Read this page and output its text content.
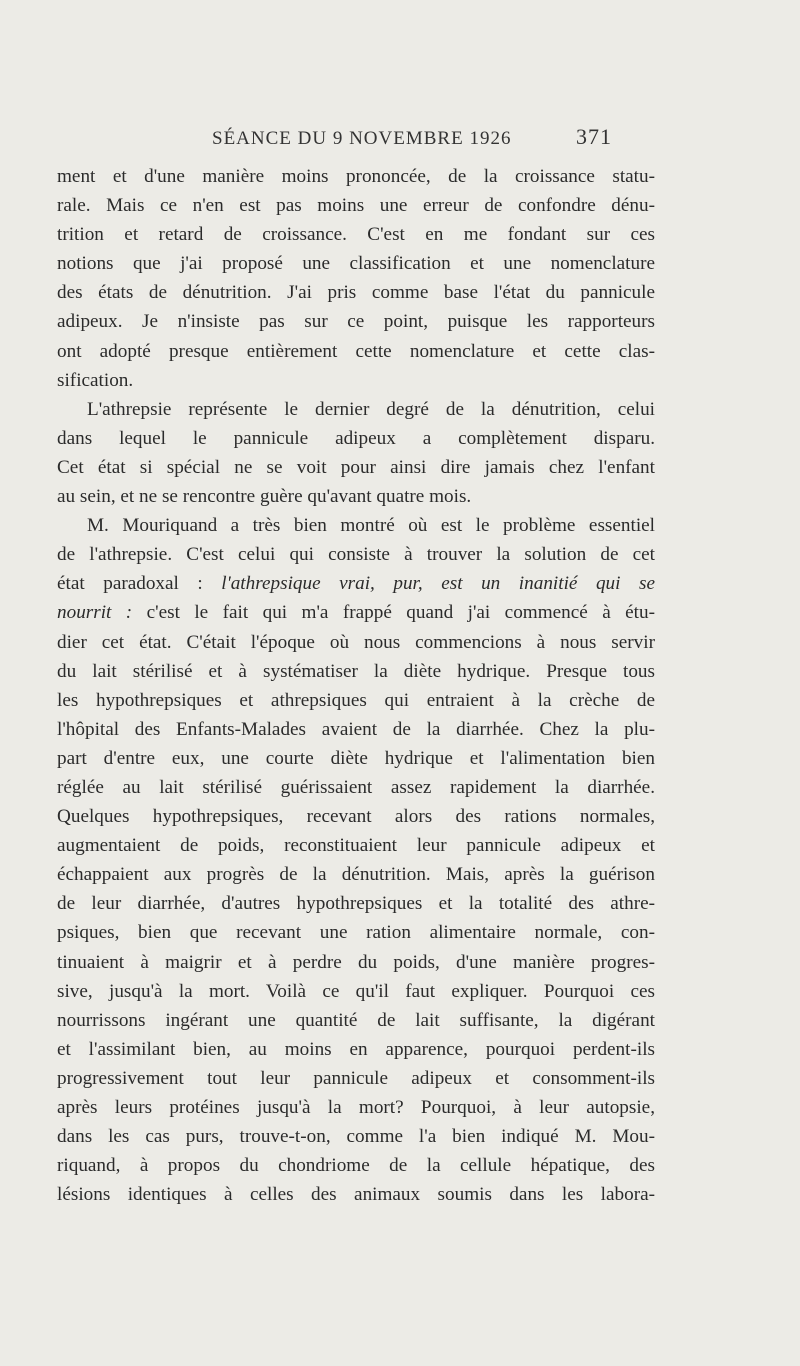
SÉANCE DU 9 NOVEMBRE 1926	371
ment et d'une manière moins prononcée, de la croissance statu-
rale. Mais ce n'en est pas moins une erreur de confondre dénu-
trition et retard de croissance. C'est en me fondant sur ces
notions que j'ai proposé une classification et une nomenclature
des états de dénutrition. J'ai pris comme base l'état du pannicule
adipeux. Je n'insiste pas sur ce point, puisque les rapporteurs
ont adopté presque entièrement cette nomenclature et cette clas-
sification.
L'athrepsie représente le dernier degré de la dénutrition, celui
dans lequel le pannicule adipeux a complètement disparu.
Cet état si spécial ne se voit pour ainsi dire jamais chez l'enfant
au sein, et ne se rencontre guère qu'avant quatre mois.
M. Mouriquand a très bien montré où est le problème essentiel
de l'athrepsie. C'est celui qui consiste à trouver la solution de cet
état paradoxal : l'athrepsique vrai, pur, est un inanitié qui se
nourrit : c'est le fait qui m'a frappé quand j'ai commencé à étu-
dier cet état. C'était l'époque où nous commencions à nous servir
du lait stérilisé et à systématiser la diète hydrique. Presque tous
les hypothrepsiques et athrepsiques qui entraient à la crèche de
l'hôpital des Enfants-Malades avaient de la diarrhée. Chez la plu-
part d'entre eux, une courte diète hydrique et l'alimentation bien
réglée au lait stérilisé guérissaient assez rapidement la diarrhée.
Quelques hypothrepsiques, recevant alors des rations normales,
augmentaient de poids, reconstituaient leur pannicule adipeux et
échappaient aux progrès de la dénutrition. Mais, après la guérison
de leur diarrhée, d'autres hypothrepsiques et la totalité des athre-
psiques, bien que recevant une ration alimentaire normale, con-
tinuaient à maigrir et à perdre du poids, d'une manière progres-
sive, jusqu'à la mort. Voilà ce qu'il faut expliquer. Pourquoi ces
nourrissons ingérant une quantité de lait suffisante, la digérant
et l'assimilant bien, au moins en apparence, pourquoi perdent-ils
progressivement tout leur pannicule adipeux et consomment-ils
après leurs protéines jusqu'à la mort? Pourquoi, à leur autopsie,
dans les cas purs, trouve-t-on, comme l'a bien indiqué M. Mou-
riquand, à propos du chondriome de la cellule hépatique, des
lésions identiques à celles des animaux soumis dans les labora-
